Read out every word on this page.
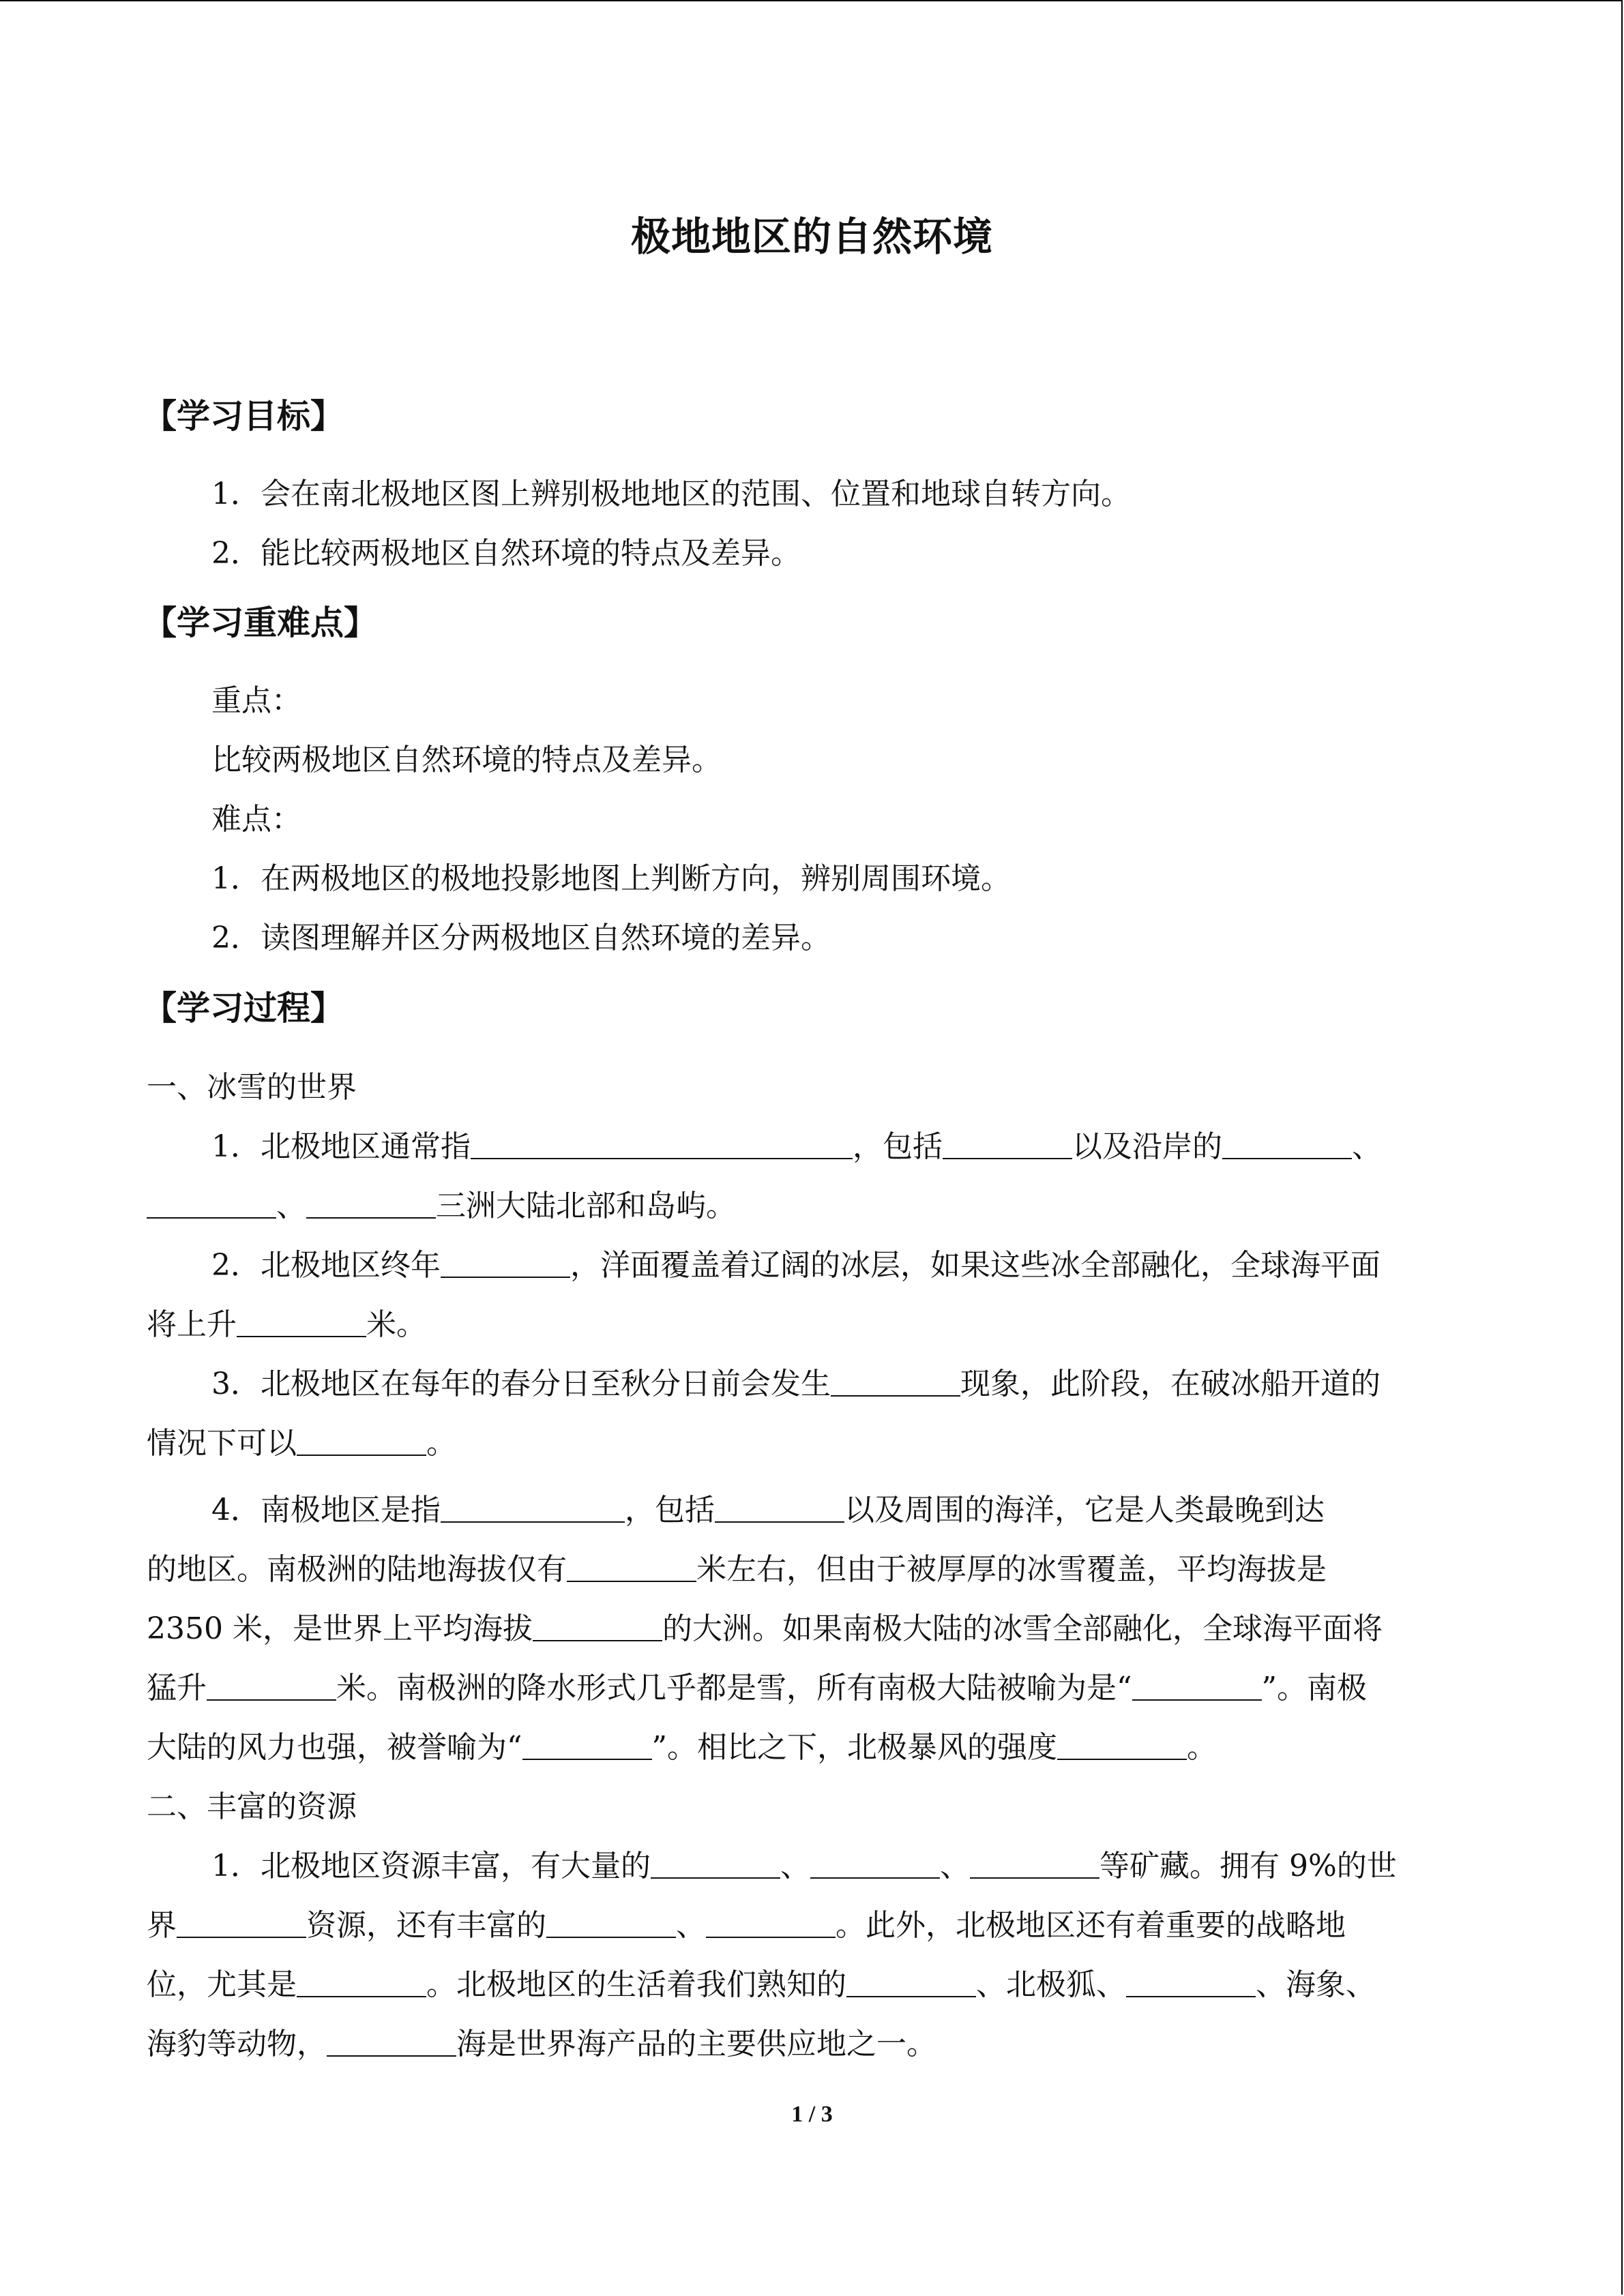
极地地区的自然环境
【学习目标】
1．会在南北极地区图上辨别极地地区的范围、位置和地球自转方向。
2．能比较两极地区自然环境的特点及差异。
【学习重难点】
重点：
比较两极地区自然环境的特点及差异。
难点：
1．在两极地区的极地投影地图上判断方向，辨别周围环境。
2．读图理解并区分两极地区自然环境的差异。
【学习过程】
一、冰雪的世界
1．北极地区通常指	，包括	以及沿岸的	、
、	三洲大陆北部和岛屿。
2．北极地区终年	，洋面覆盖着辽阔的冰层，如果这些冰全部融化，全球海平面
将上升	米。
3．北极地区在每年的春分日至秋分日前会发生	现象，此阶段，在破冰船开道的
情况下可以	。
4．南极地区是指	，包括	以及周围的海洋，它是人类最晚到达
的地区。南极洲的陆地海拔仅有	米左右，但由于被厚厚的冰雪覆盖，平均海拔是
2350 米，是世界上平均海拔	的大洲。如果南极大陆的冰雪全部融化，全球海平面将
猛升	米。南极洲的降水形式几乎都是雪，所有南极大陆被喻为是“	”。南极
大陆的风力也强，被誉喻为“	”。相比之下，北极暴风的强度	。
二、丰富的资源
1．北极地区资源丰富，有大量的	、	、	等矿藏。拥有 9%的世
界	资源，还有丰富的	、	。此外，北极地区还有着重要的战略地
位，尤其是	。北极地区的生活着我们熟知的	、北极狐、	、海象、
海豹等动物，	海是世界海产品的主要供应地之一。
1 / 3
